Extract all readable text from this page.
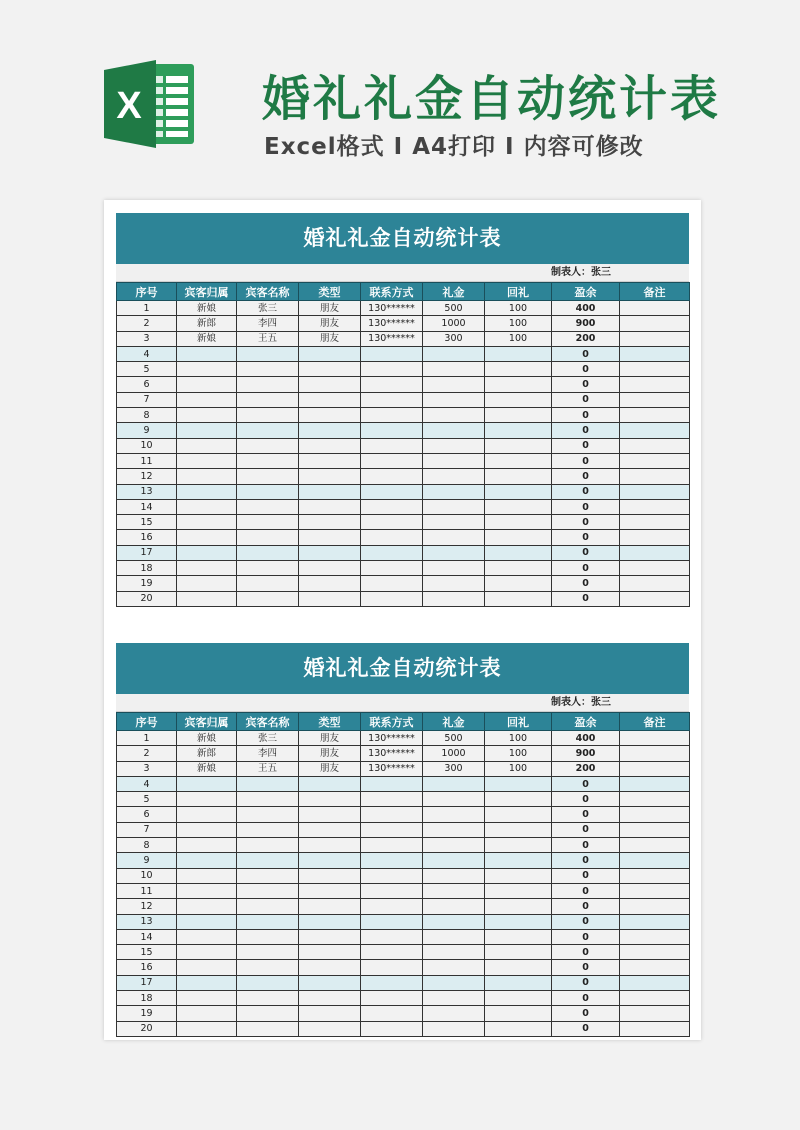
X	婚礼礼金自动统计表

Excel格式 I A4打印 I 内容可修改

婚礼礼金自动统计表
制表人：张三
序号	宾客归属	宾客名称	类型	联系方式	礼金	回礼	盈余	备注
1	新娘	张三	朋友	130******	500	100	400	
2	新郎	李四	朋友	130******	1000	100	900	
3	新娘	王五	朋友	130******	300	100	200	
4							0	
5							0	
6							0	
7							0	
8							0	
9							0	
10							0	
11							0	
12							0	
13							0	
14							0	
15							0	
16							0	
17							0	
18							0	
19							0	
20							0	
婚礼礼金自动统计表
制表人：张三
序号	宾客归属	宾客名称	类型	联系方式	礼金	回礼	盈余	备注
1	新娘	张三	朋友	130******	500	100	400	
2	新郎	李四	朋友	130******	1000	100	900	
3	新娘	王五	朋友	130******	300	100	200	
4							0	
5							0	
6							0	
7							0	
8							0	
9							0	
10							0	
11							0	
12							0	
13							0	
14							0	
15							0	
16							0	
17							0	
18							0	
19							0	
20							0	
